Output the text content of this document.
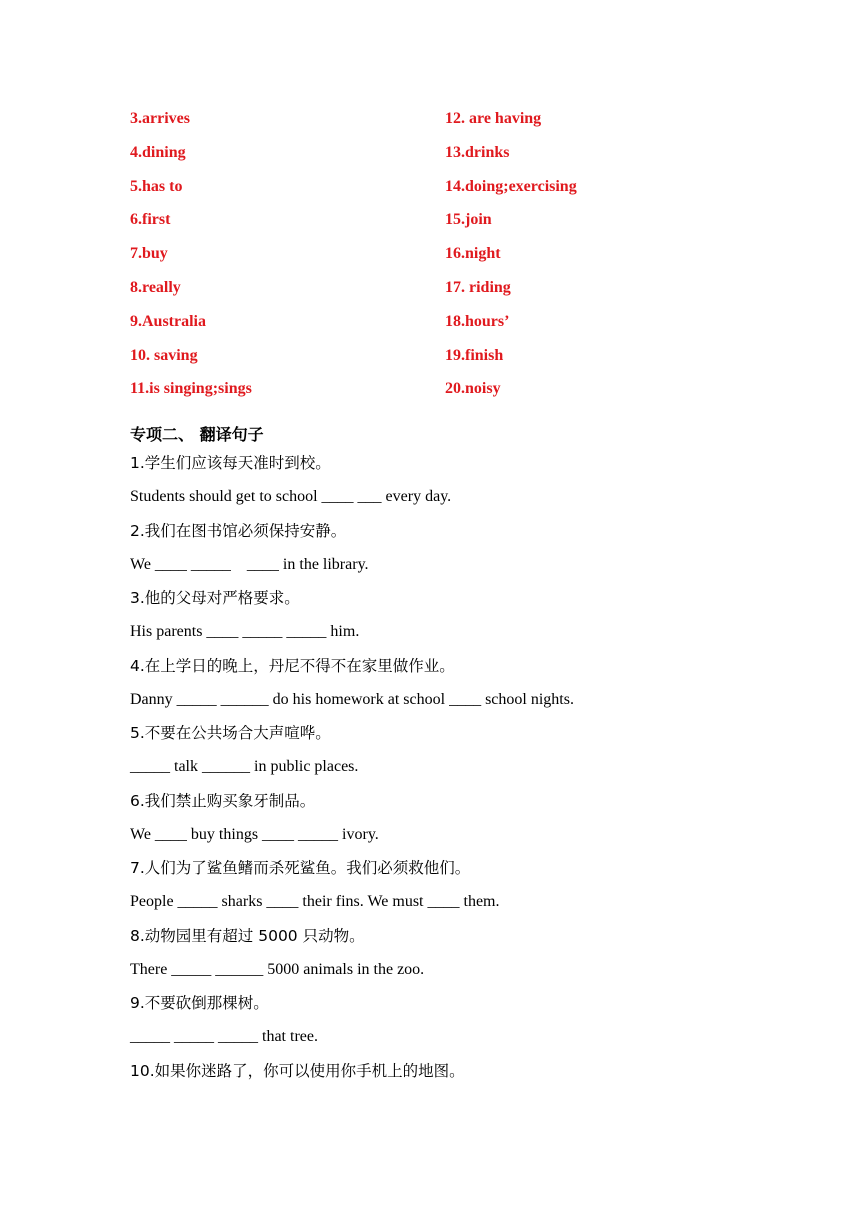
3.arrives	12. are having
4.dining	13.drinks
5.has to	14.doing;exercising
6.first	15.join
7.buy	16.night
8.really	17. riding
9.Australia	18.hours’
10. saving	19.finish
11.is singing;sings	20.noisy
专项二、 翻译句子
1.学生们应该每天准时到校。
Students should get to school ____ ___ every day.
2.我们在图书馆必须保持安静。
We ____ _____    ____ in the library.
3.他的父母对严格要求。
His parents ____ _____ _____ him.
4.在上学日的晚上，丹尼不得不在家里做作业。
Danny _____ ______ do his homework at school ____ school nights.
5.不要在公共场合大声喧哗。
_____ talk ______ in public places.
6.我们禁止购买象牙制品。
We ____ buy things ____ _____ ivory.
7.人们为了鲨鱼鳍而杀死鲨鱼。我们必须救他们。
People _____ sharks ____ their fins. We must ____ them.
8.动物园里有超过 5000 只动物。
There _____ ______ 5000 animals in the zoo.
9.不要砍倒那棵树。
_____ _____ _____ that tree.
10.如果你迷路了，你可以使用你手机上的地图。
